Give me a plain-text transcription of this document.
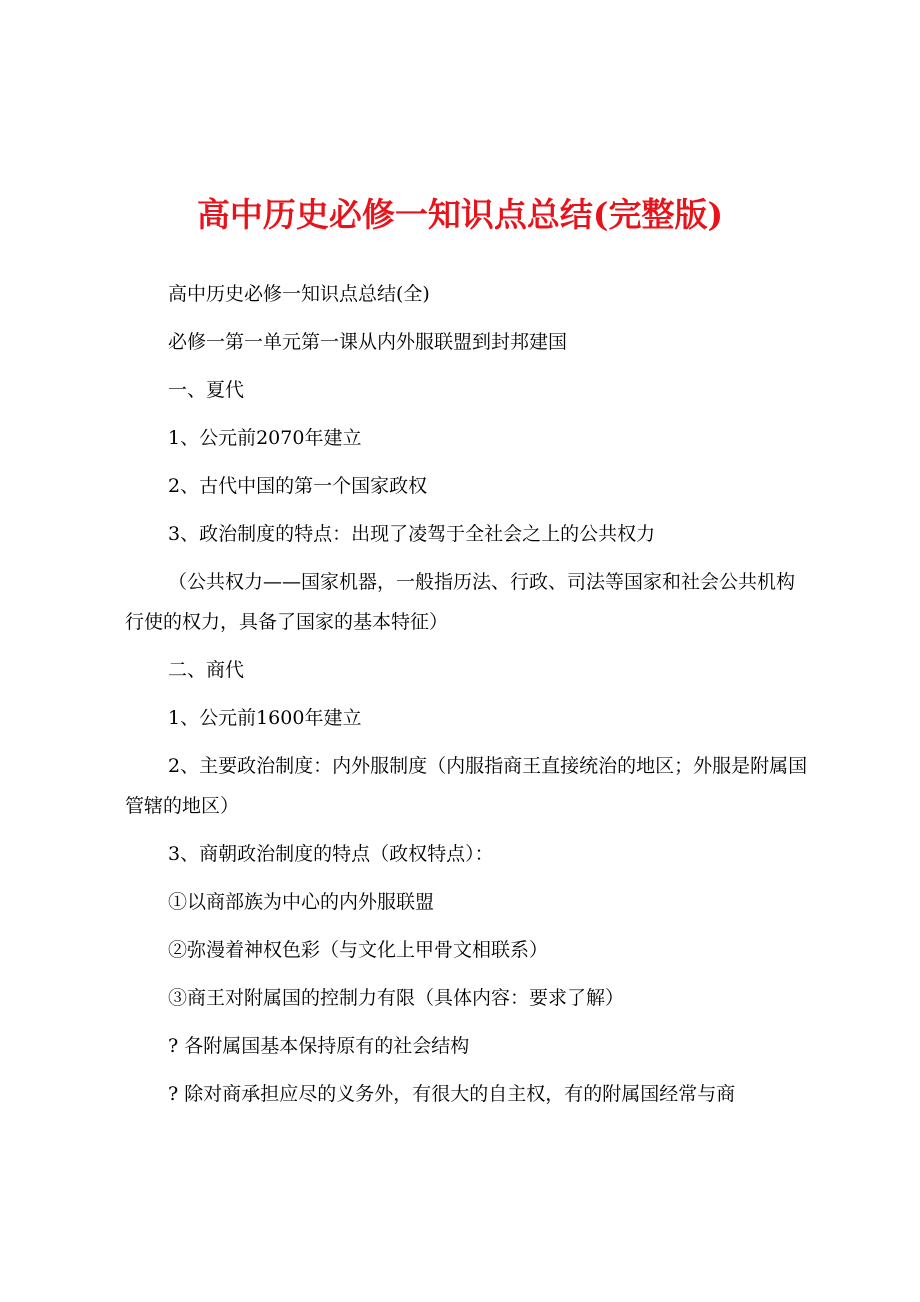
高中历史必修一知识点总结(完整版)
高中历史必修一知识点总结(全)
必修一第一单元第一课从内外服联盟到封邦建国
一、夏代
1、公元前2070年建立
2、古代中国的第一个国家政权
3、政治制度的特点：出现了凌驾于全社会之上的公共权力
（公共权力——国家机器，一般指历法、行政、司法等国家和社会公共机构行使的权力，具备了国家的基本特征）
二、商代
1、公元前1600年建立
2、主要政治制度：内外服制度（内服指商王直接统治的地区；外服是附属国管辖的地区）
3、商朝政治制度的特点（政权特点）：
①以商部族为中心的内外服联盟
②弥漫着神权色彩（与文化上甲骨文相联系）
③商王对附属国的控制力有限（具体内容：要求了解）
? 各附属国基本保持原有的社会结构
? 除对商承担应尽的义务外，有很大的自主权，有的附属国经常与商
